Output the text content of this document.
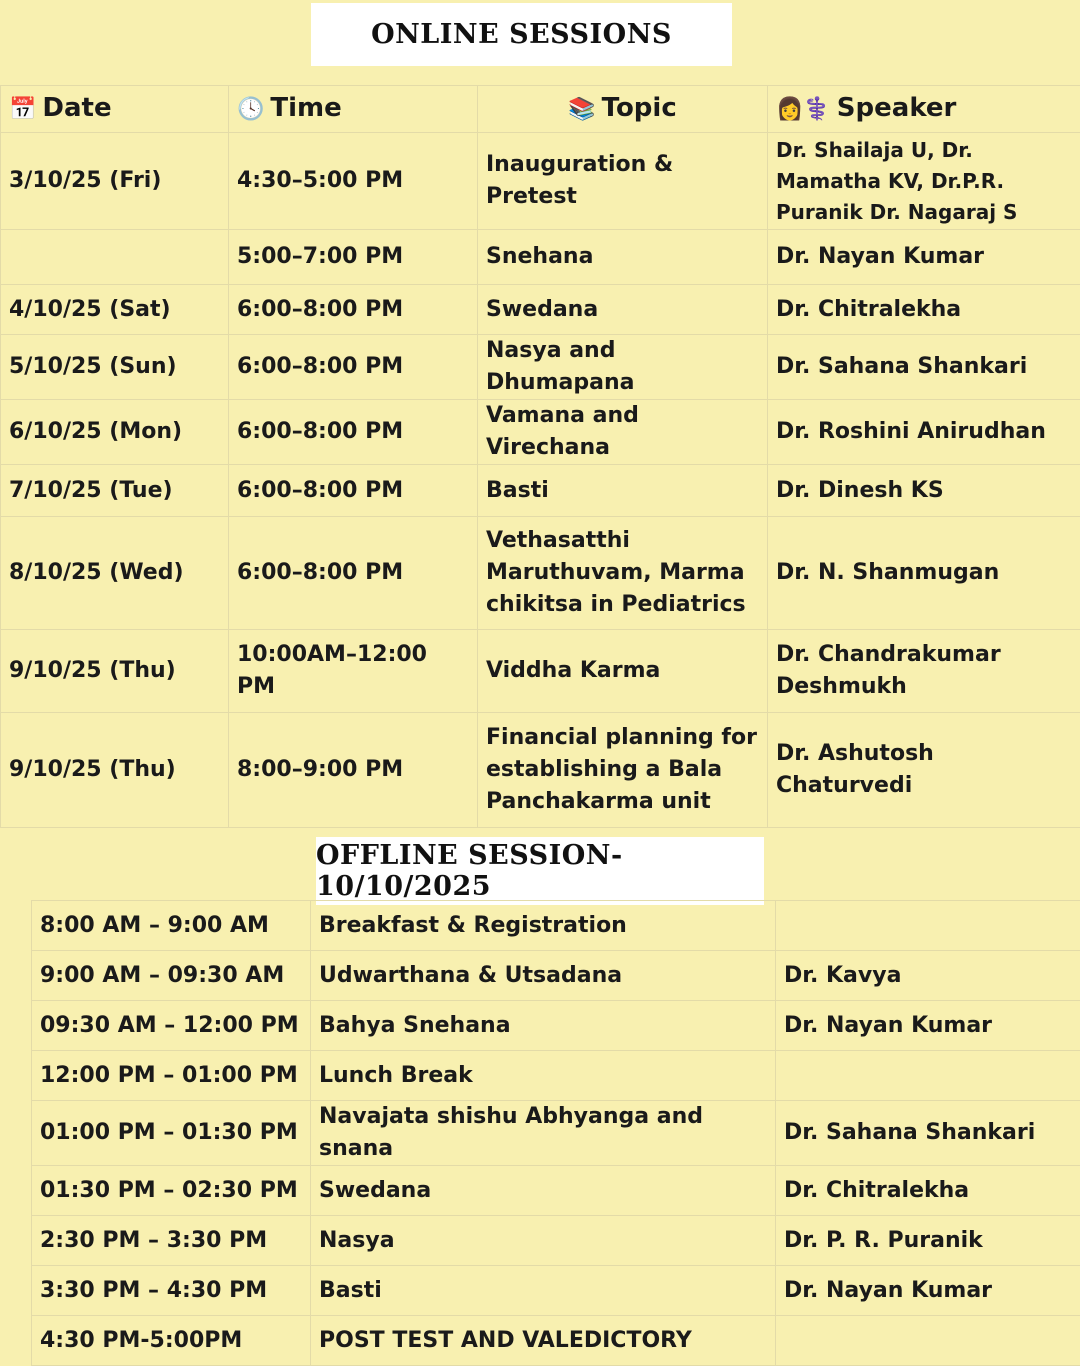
ONLINE SESSIONS
📅 Date	🕓 Time	📚 Topic	👩⚕️ Speaker
3/10/25 (Fri)	4:30–5:00 PM	Inauguration & Pretest	Dr. Shailaja U, Dr. Mamatha KV, Dr.P.R. Puranik Dr. Nagaraj S
	5:00–7:00 PM	Snehana	Dr. Nayan Kumar
4/10/25 (Sat)	6:00–8:00 PM	Swedana	Dr. Chitralekha
5/10/25 (Sun)	6:00–8:00 PM	Nasya and Dhumapana	Dr. Sahana Shankari
6/10/25 (Mon)	6:00–8:00 PM	Vamana and Virechana	Dr. Roshini Anirudhan
7/10/25 (Tue)	6:00–8:00 PM	Basti	Dr. Dinesh KS
8/10/25 (Wed)	6:00–8:00 PM	Vethasatthi Maruthuvam, Marma chikitsa in Pediatrics	Dr. N. Shanmugan
9/10/25 (Thu)	10:00AM–12:00 PM	Viddha Karma	Dr. Chandrakumar Deshmukh
9/10/25 (Thu)	8:00–9:00 PM	Financial planning for establishing a Bala Panchakarma unit	Dr. Ashutosh Chaturvedi
OFFLINE SESSION- 10/10/2025
8:00 AM – 9:00 AM	Breakfast & Registration	
9:00 AM – 09:30 AM	Udwarthana & Utsadana	Dr. Kavya
09:30 AM – 12:00 PM	Bahya Snehana	Dr. Nayan Kumar
12:00 PM – 01:00 PM	Lunch Break	
01:00 PM – 01:30 PM	Navajata shishu Abhyanga and snana	Dr. Sahana Shankari
01:30 PM – 02:30 PM	Swedana	Dr. Chitralekha
2:30 PM – 3:30 PM	Nasya	Dr. P. R. Puranik
3:30 PM – 4:30 PM	Basti	Dr. Nayan Kumar
4:30 PM-5:00PM	POST TEST AND VALEDICTORY	
